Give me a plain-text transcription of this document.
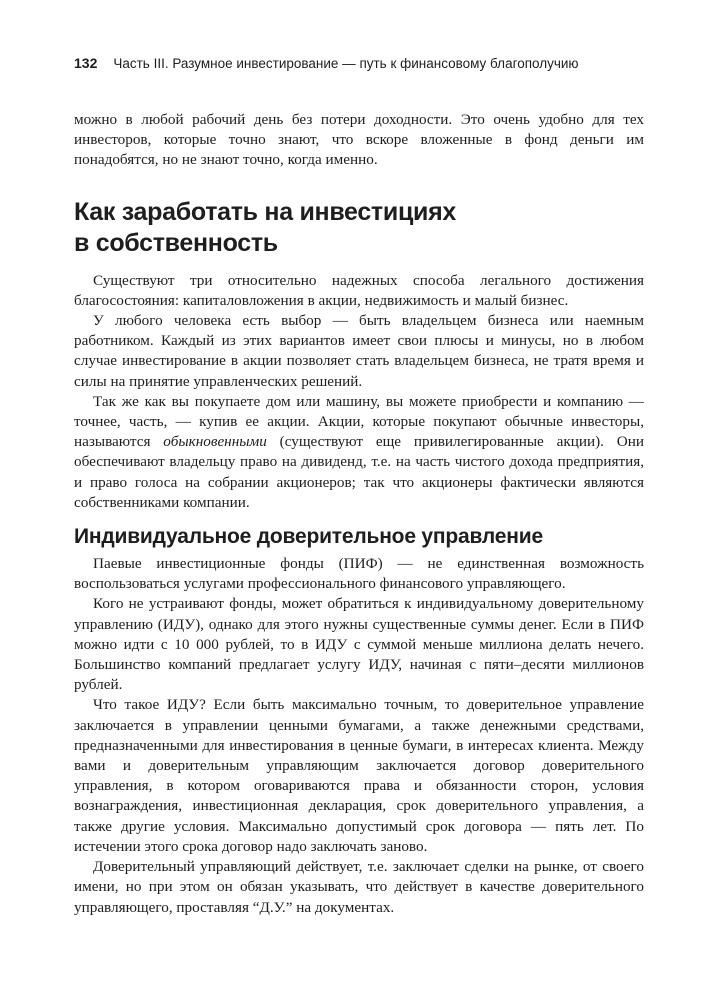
132 Часть III. Разумное инвестирование — путь к финансовому благополучию

можно в любой рабочий день без потери доходности. Это очень удобно для тех инвесторов, которые точно знают, что вскоре вложенные в фонд деньги им понадобятся, но не знают точно, когда именно.

Как заработать на инвестициях
в собственность

Существуют три относительно надежных способа легального достижения благосостояния: капиталовложения в акции, недвижимость и малый бизнес.

У любого человека есть выбор — быть владельцем бизнеса или наемным работником. Каждый из этих вариантов имеет свои плюсы и минусы, но в любом случае инвестирование в акции позволяет стать владельцем бизнеса, не тратя время и силы на принятие управленческих решений.

Так же как вы покупаете дом или машину, вы можете приобрести и компанию — точнее, часть, — купив ее акции. Акции, которые покупают обычные инвесторы, называются обыкновенными (существуют еще привилегированные акции). Они обеспечивают владельцу право на дивиденд, т.е. на часть чистого дохода предприятия, и право голоса на собрании акционеров; так что акционеры фактически являются собственниками компании.

Индивидуальное доверительное управление

Паевые инвестиционные фонды (ПИФ) — не единственная возможность воспользоваться услугами профессионального финансового управляющего.

Кого не устраивают фонды, может обратиться к индивидуальному доверительному управлению (ИДУ), однако для этого нужны существенные суммы денег. Если в ПИФ можно идти с 10 000 рублей, то в ИДУ с суммой меньше миллиона делать нечего. Большинство компаний предлагает услугу ИДУ, начиная с пяти–десяти миллионов рублей.

Что такое ИДУ? Если быть максимально точным, то доверительное управление заключается в управлении ценными бумагами, а также денежными средствами, предназначенными для инвестирования в ценные бумаги, в интересах клиента. Между вами и доверительным управляющим заключается договор доверительного управления, в котором оговариваются права и обязанности сторон, условия вознаграждения, инвестиционная декларация, срок доверительного управления, а также другие условия. Максимально допустимый срок договора — пять лет. По истечении этого срока договор надо заключать заново.

Доверительный управляющий действует, т.е. заключает сделки на рынке, от своего имени, но при этом он обязан указывать, что действует в качестве доверительного управляющего, проставляя “Д.У.” на документах.
